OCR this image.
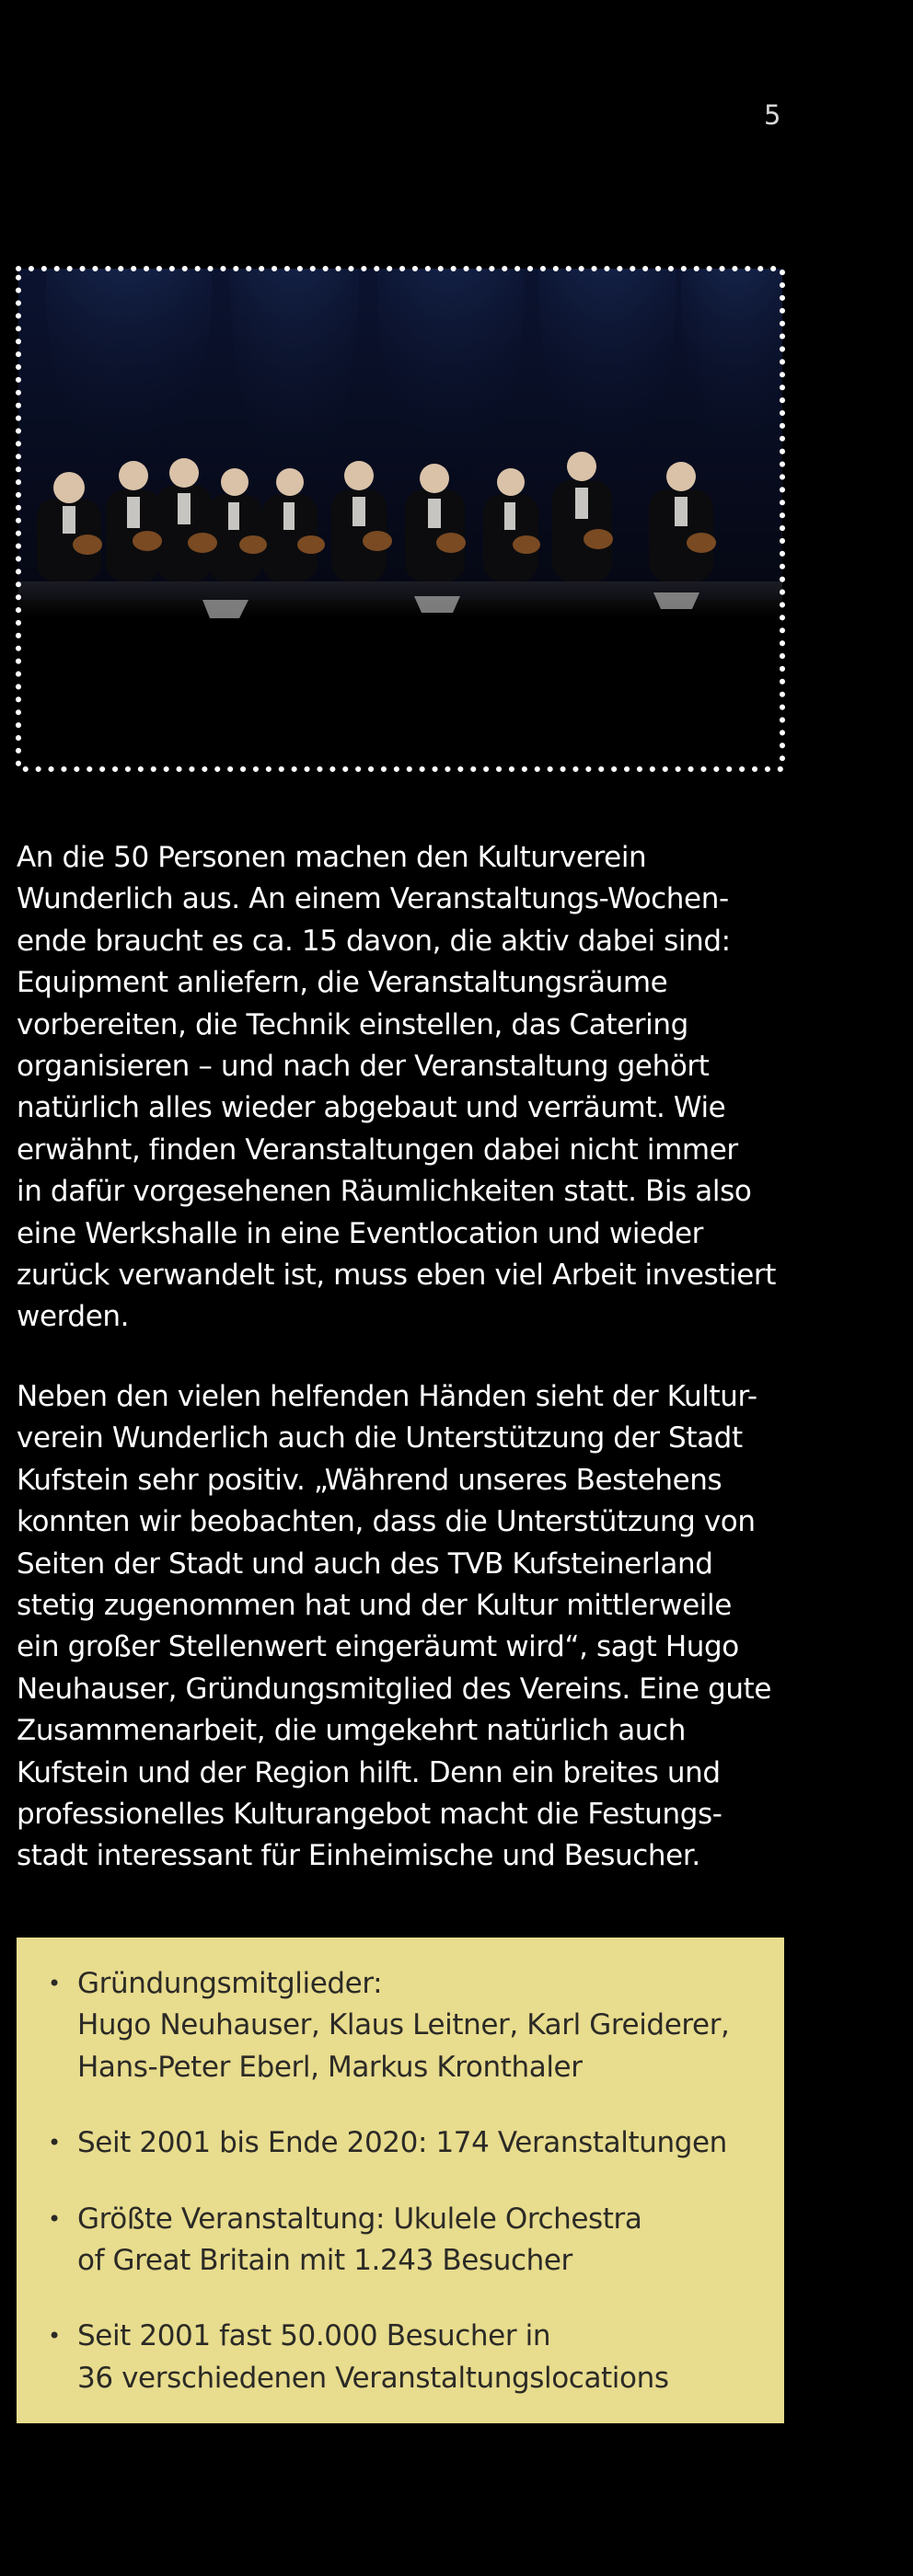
5

An die 50 Personen machen den Kulturverein
Wunderlich aus. An einem Veranstaltungs-Wochen-
ende braucht es ca. 15 davon, die aktiv dabei sind:
Equipment anliefern, die Veranstaltungsräume
vorbereiten, die Technik einstellen, das Catering
organisieren – und nach der Veranstaltung gehört
natürlich alles wieder abgebaut und verräumt. Wie
erwähnt, finden Veranstaltungen dabei nicht immer
in dafür vorgesehenen Räumlichkeiten statt. Bis also
eine Werkshalle in eine Eventlocation und wieder
zurück verwandelt ist, muss eben viel Arbeit investiert
werden.

Neben den vielen helfenden Händen sieht der Kultur-
verein Wunderlich auch die Unterstützung der Stadt
Kufstein sehr positiv. „Während unseres Bestehens
konnten wir beobachten, dass die Unterstützung von
Seiten der Stadt und auch des TVB Kufsteinerland
stetig zugenommen hat und der Kultur mittlerweile
ein großer Stellenwert eingeräumt wird“, sagt Hugo
Neuhauser, Gründungsmitglied des Vereins. Eine gute
Zusammenarbeit, die umgekehrt natürlich auch
Kufstein und der Region hilft. Denn ein breites und
professionelles Kulturangebot macht die Festungs-
stadt interessant für Einheimische und Besucher.

• Gründungsmitglieder:
Hugo Neuhauser, Klaus Leitner, Karl Greiderer,
Hans-Peter Eberl, Markus Kronthaler
• Seit 2001 bis Ende 2020: 174 Veranstaltungen
• Größte Veranstaltung: Ukulele Orchestra
of Great Britain mit 1.243 Besucher
• Seit 2001 fast 50.000 Besucher in
36 verschiedenen Veranstaltungslocations
